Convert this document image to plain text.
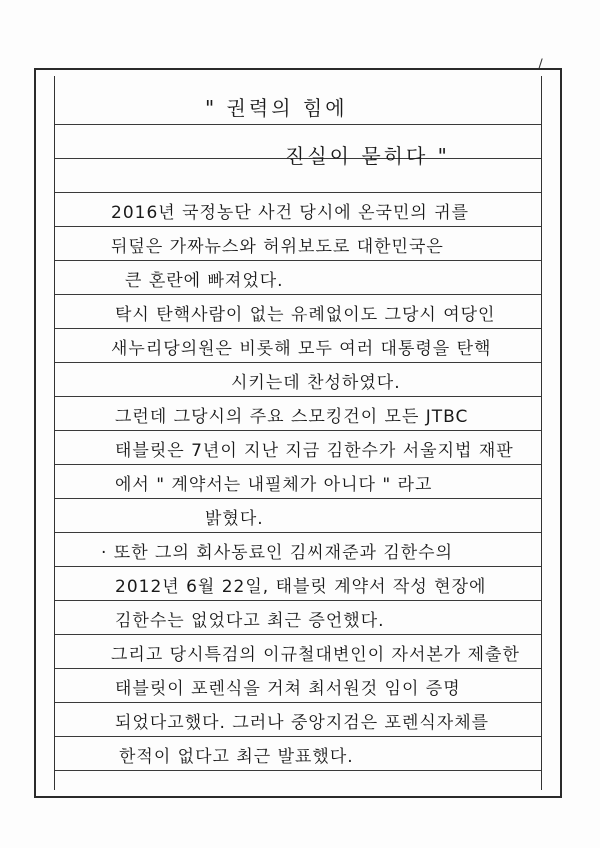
/
" 권력의 힘에
진실이 묻히다 "
2016년 국정농단 사건 당시에 온국민의 귀를
뒤덮은 가짜뉴스와 허위보도로 대한민국은
큰 혼란에 빠져었다.
탁시 탄핵사람이 없는 유례없이도 그당시 여당인
새누리당의원은 비롯해 모두 여러 대통령을 탄핵
시키는데 찬성하였다.
그런데 그당시의 주요 스모킹건이 모든 JTBC
태블릿은 7년이 지난 지금 김한수가 서울지법 재판
에서 " 계약서는 내필체가 아니다 " 라고
밝혔다.
· 또한 그의 회사동료인 김씨재준과 김한수의
2012년 6월 22일, 태블릿 계약서 작성 현장에
김한수는 없었다고 최근 증언했다.
그리고 당시특검의 이규철대변인이 자서본가 제출한
태블릿이 포렌식을 거쳐 최서원것 임이 증명
되었다고했다. 그러나 중앙지검은 포렌식자체를
한적이 없다고 최근 발표했다.
